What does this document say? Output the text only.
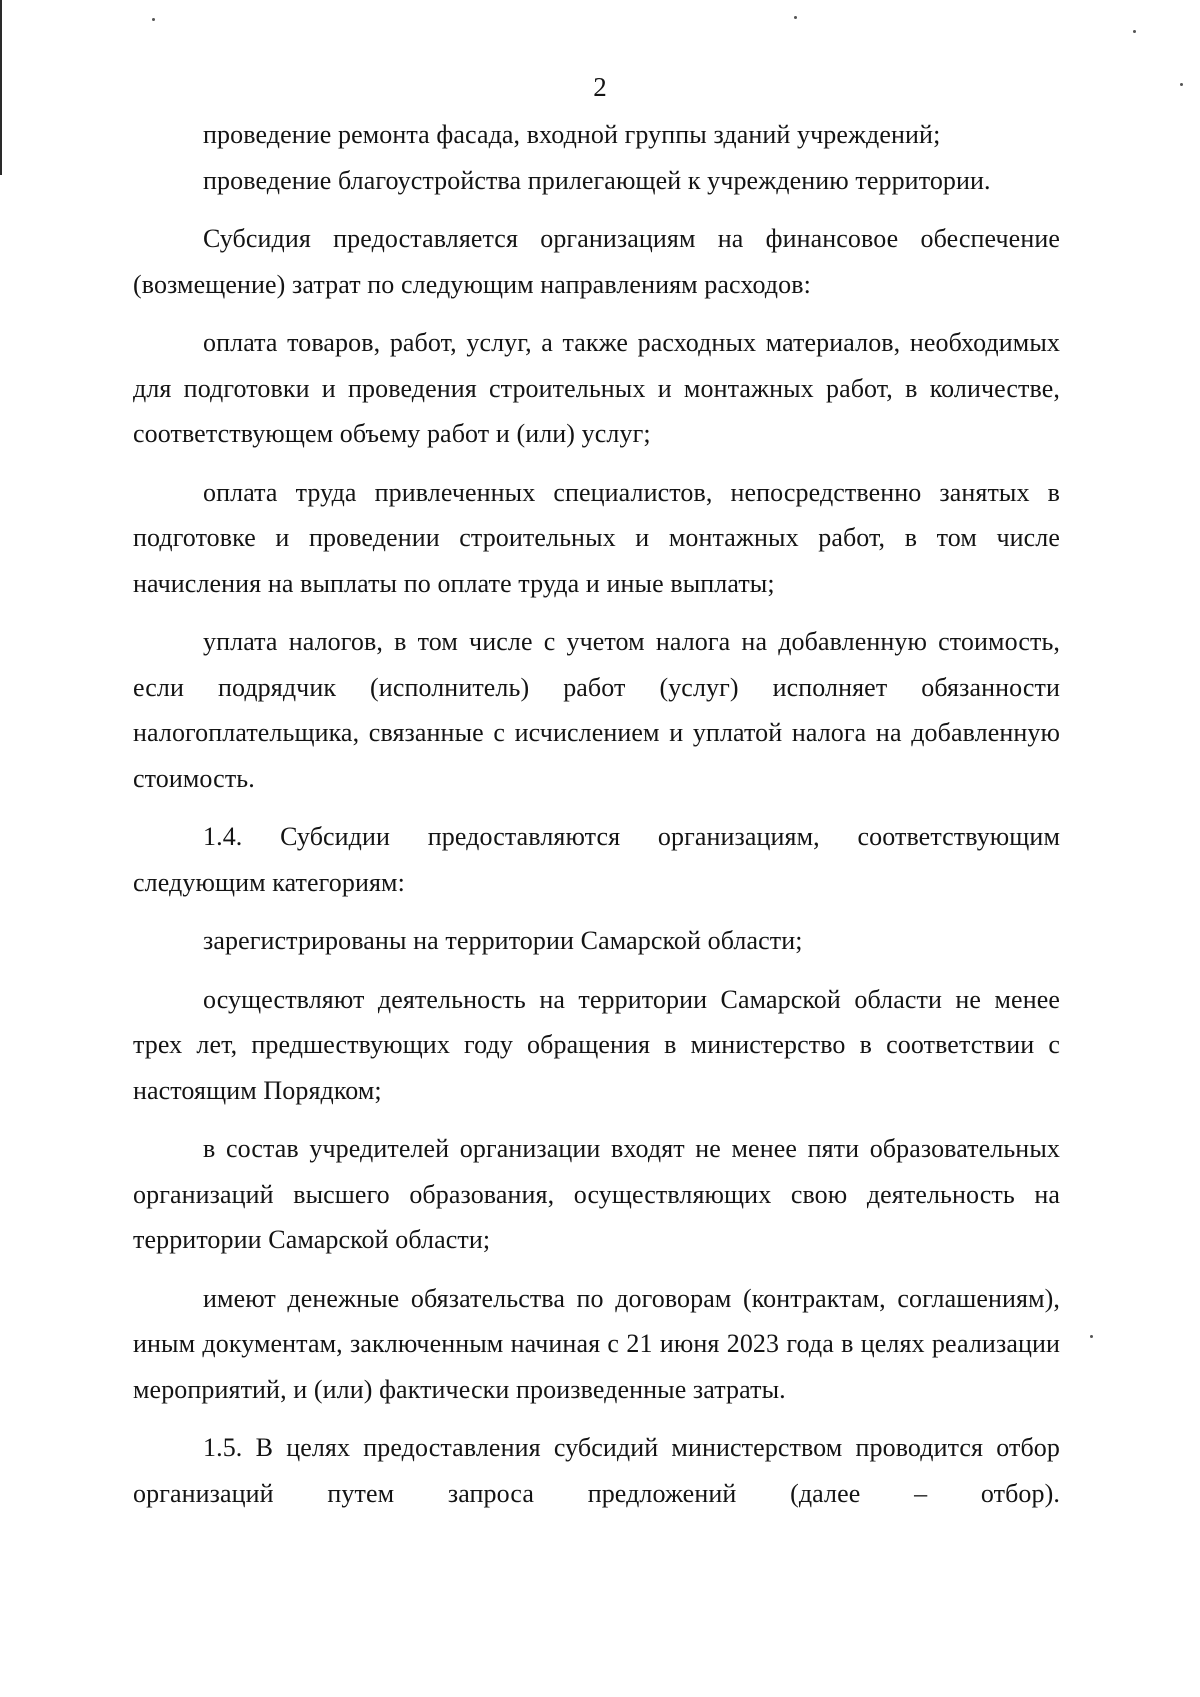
2

проведение ремонта фасада, входной группы зданий учреждений;

проведение благоустройства прилегающей к учреждению территории.

Субсидия предоставляется организациям на финансовое обеспечение (возмещение) затрат по следующим направлениям расходов:

оплата товаров, работ, услуг, а также расходных материалов, необходимых для подготовки и проведения строительных и монтажных работ, в количестве, соответствующем объему работ и (или) услуг;

оплата труда привлеченных специалистов, непосредственно занятых в подготовке и проведении строительных и монтажных работ, в том числе начисления на выплаты по оплате труда и иные выплаты;

уплата налогов, в том числе с учетом налога на добавленную стоимость, если подрядчик (исполнитель) работ (услуг) исполняет обязанности налогоплательщика, связанные с исчислением и уплатой налога на добавленную стоимость.

1.4. Субсидии предоставляются организациям, соответствующим следующим категориям:

зарегистрированы на территории Самарской области;

осуществляют деятельность на территории Самарской области не менее трех лет, предшествующих году обращения в министерство в соответствии с настоящим Порядком;

в состав учредителей организации входят не менее пяти образовательных организаций высшего образования, осуществляющих свою деятельность на территории Самарской области;

имеют денежные обязательства по договорам (контрактам, соглашениям), иным документам, заключенным начиная с 21 июня 2023 года в целях реализации мероприятий, и (или) фактически произведенные затраты.

1.5. В целях предоставления субсидий министерством проводится отбор организаций путем запроса предложений (далее – отбор).
